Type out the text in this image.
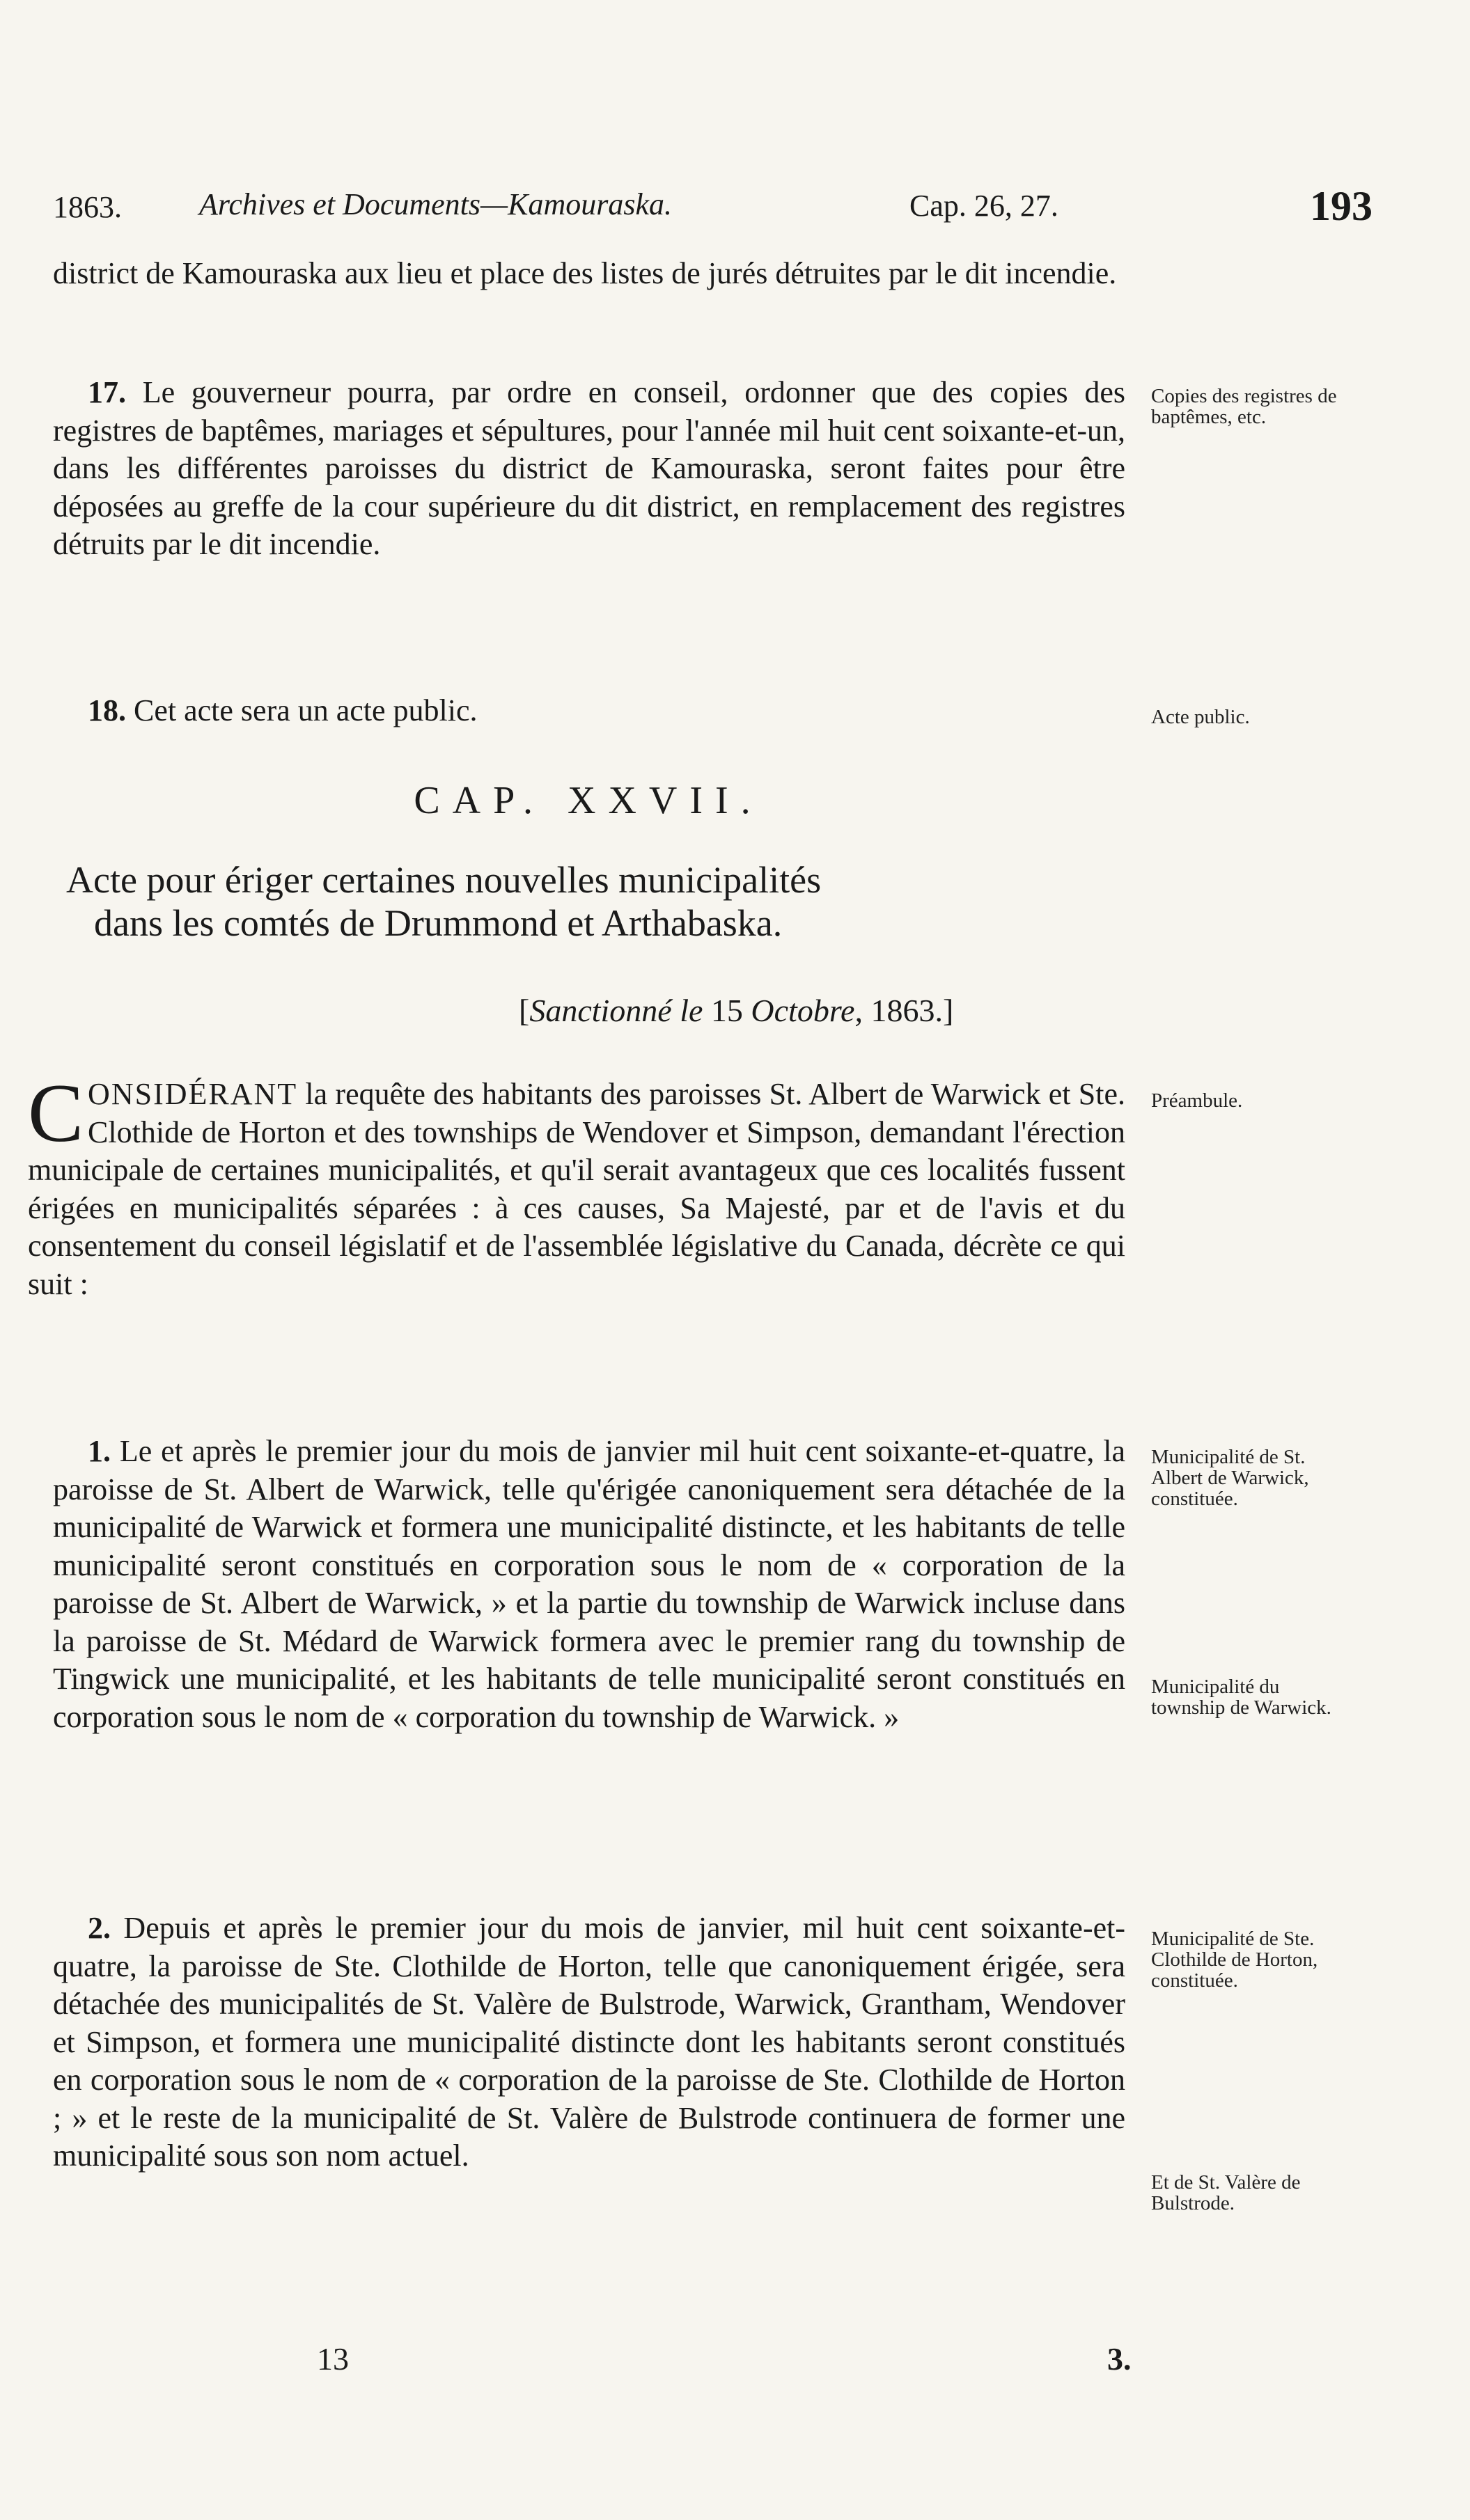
1863.	Archives et Documents—Kamouraska.	Cap. 26, 27.	193

district de Kamouraska aux lieu et place des listes de jurés détruites par le dit incendie.

17. Le gouverneur pourra, par ordre en conseil, ordonner que des copies des registres de baptêmes, mariages et sépultures, pour l'année mil huit cent soixante-et-un, dans les différentes paroisses du district de Kamouraska, seront faites pour être déposées au greffe de la cour supérieure du dit district, en remplacement des registres détruits par le dit incendie.

Copies des registres de baptêmes, etc.

18. Cet acte sera un acte public.	Acte public.
CAP. XXVII.
Acte pour ériger certaines nouvelles municipalités
dans les comtés de Drummond et Arthabaska.
[Sanctionné le 15 Octobre, 1863.]

CONSIDÉRANT la requête des habitants des paroisses St. Albert de Warwick et Ste. Clothide de Horton et des townships de Wendover et Simpson, demandant l'érection municipale de certaines municipalités, et qu'il serait avantageux que ces localités fussent érigées en municipalités séparées : à ces causes, Sa Majesté, par et de l'avis et du consentement du conseil législatif et de l'assemblée législative du Canada, décrète ce qui suit :

Préambule.

1. Le et après le premier jour du mois de janvier mil huit cent soixante-et-quatre, la paroisse de St. Albert de Warwick, telle qu'érigée canoniquement sera détachée de la municipalité de Warwick et formera une municipalité distincte, et les habitants de telle municipalité seront constitués en corporation sous le nom de « corporation de la paroisse de St. Albert de Warwick, » et la partie du township de Warwick incluse dans la paroisse de St. Médard de Warwick formera avec le premier rang du township de Tingwick une municipalité, et les habitants de telle municipalité seront constitués en corporation sous le nom de « corporation du township de Warwick. »

Municipalité de St. Albert de Warwick, constituée.
Municipalité du township de Warwick.

2. Depuis et après le premier jour du mois de janvier, mil huit cent soixante-et-quatre, la paroisse de Ste. Clothilde de Horton, telle que canoniquement érigée, sera détachée des municipalités de St. Valère de Bulstrode, Warwick, Grantham, Wendover et Simpson, et formera une municipalité distincte dont les habitants seront constitués en corporation sous le nom de « corporation de la paroisse de Ste. Clothilde de Horton ; » et le reste de la municipalité de St. Valère de Bulstrode continuera de former une municipalité sous son nom actuel.

Municipalité de Ste. Clothilde de Horton, constituée.
Et de St. Valère de Bulstrode.
13	3.
